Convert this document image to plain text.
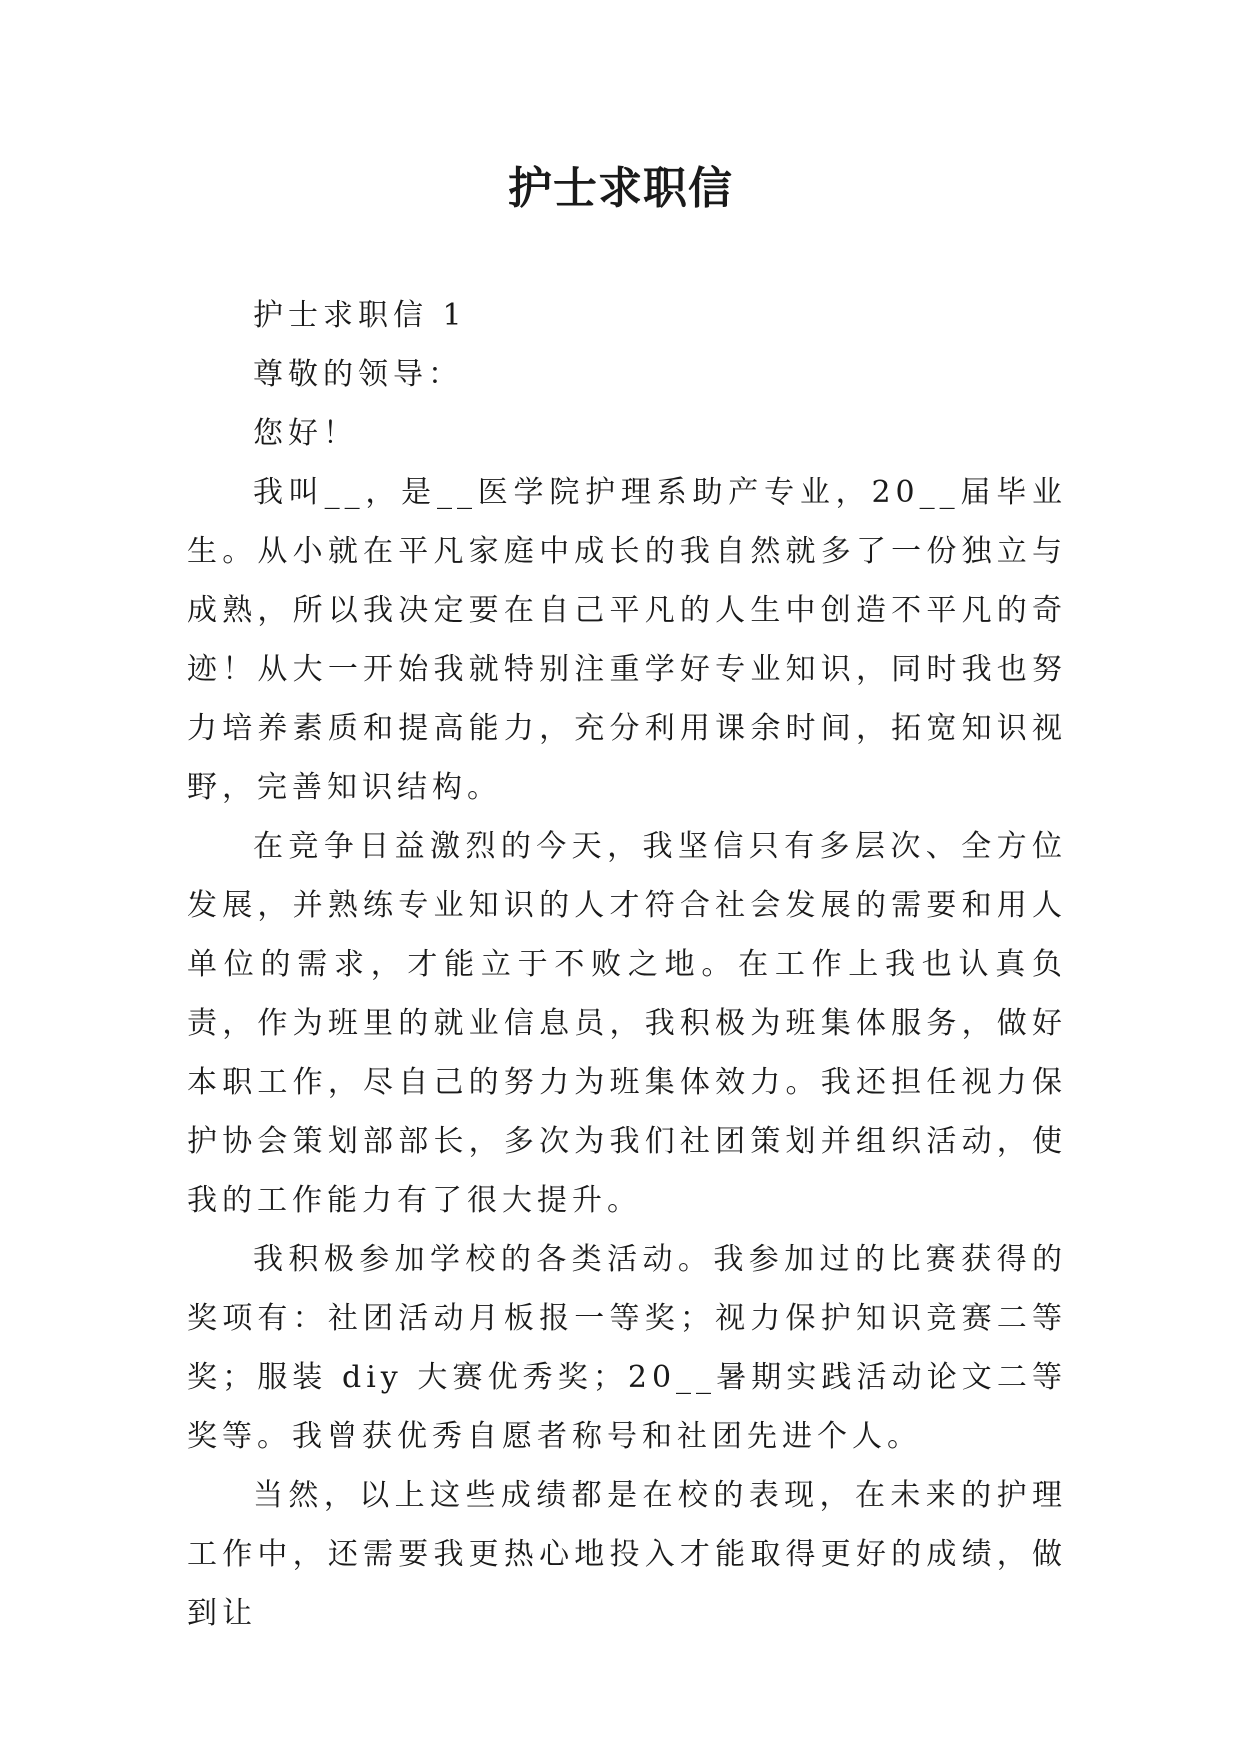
护士求职信

护士求职信 1

尊敬的领导：

您好！

我叫__，是__医学院护理系助产专业，20__届毕业生。从小就在平凡家庭中成长的我自然就多了一份独立与成熟，所以我决定要在自己平凡的人生中创造不平凡的奇迹！从大一开始我就特别注重学好专业知识，同时我也努力培养素质和提高能力，充分利用课余时间，拓宽知识视野，完善知识结构。

在竞争日益激烈的今天，我坚信只有多层次、全方位发展，并熟练专业知识的人才符合社会发展的需要和用人单位的需求，才能立于不败之地。在工作上我也认真负责，作为班里的就业信息员，我积极为班集体服务，做好本职工作，尽自己的努力为班集体效力。我还担任视力保护协会策划部部长，多次为我们社团策划并组织活动，使我的工作能力有了很大提升。

我积极参加学校的各类活动。我参加过的比赛获得的奖项有：社团活动月板报一等奖；视力保护知识竞赛二等奖；服装 diy 大赛优秀奖；20__暑期实践活动论文二等奖等。我曾获优秀自愿者称号和社团先进个人。

当然，以上这些成绩都是在校的表现，在未来的护理工作中，还需要我更热心地投入才能取得更好的成绩，做到让
